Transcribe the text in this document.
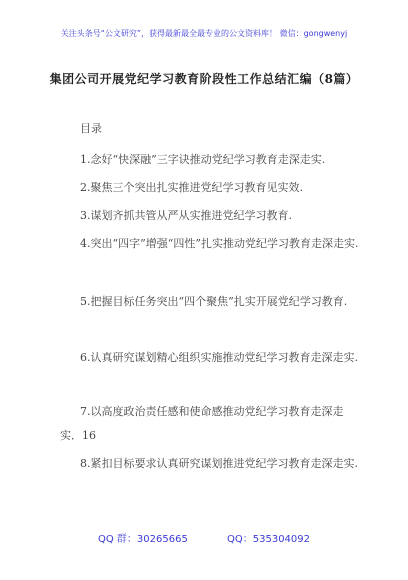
关注头条号“公文研究”，获得最新最全最专业的公文资料库！ 微信：gongwenyj
集团公司开展党纪学习教育阶段性工作总结汇编（8篇）
目录
1.念好“快深融”三字诀推动党纪学习教育走深走实.
2.聚焦三个突出扎实推进党纪学习教育见实效.
3.谋划齐抓共管从严从实推进党纪学习教育.
4.突出“四字”增强“四性”扎实推动党纪学习教育走深走实.
5.把握目标任务突出“四个聚焦”扎实开展党纪学习教育.
6.认真研究谋划精心组织实施推动党纪学习教育走深走实.
7.以高度政治责任感和使命感推动党纪学习教育走深走实．16
8.紧扣目标要求认真研究谋划推进党纪学习教育走深走实.
QQ 群：30265665	QQ：535304092
